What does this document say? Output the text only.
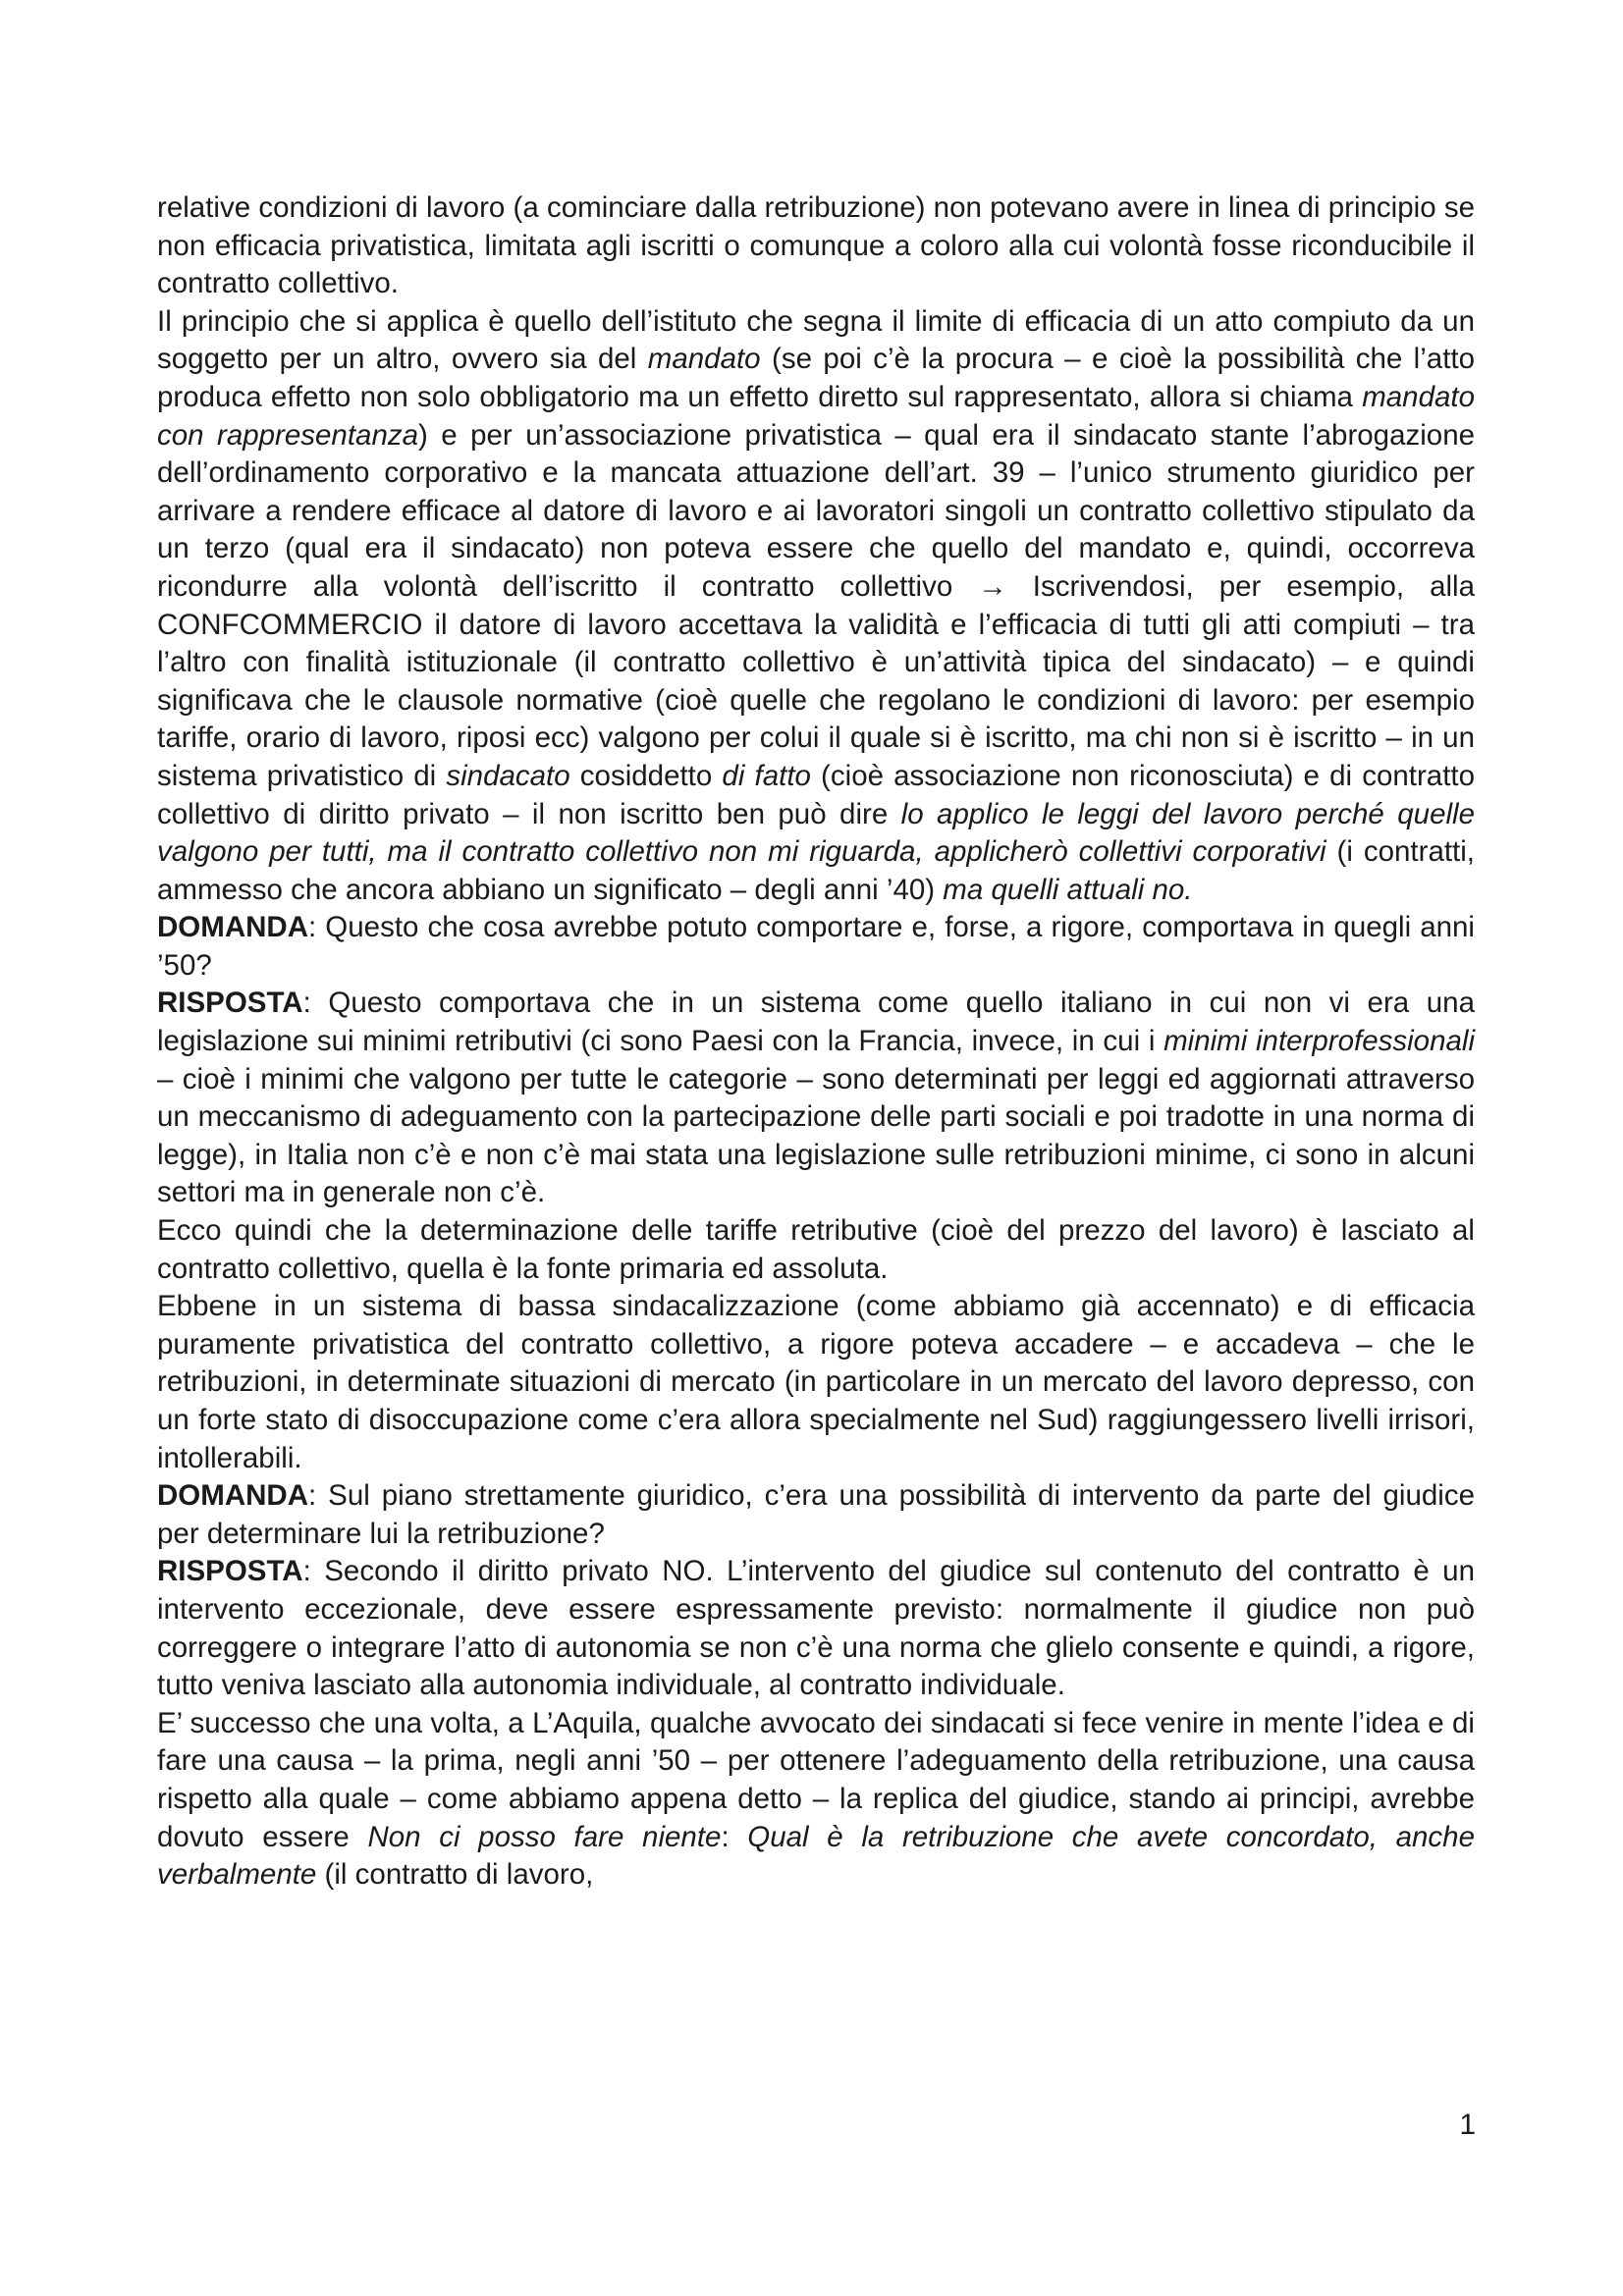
relative condizioni di lavoro (a cominciare dalla retribuzione) non potevano avere in linea di principio se non efficacia privatistica, limitata agli iscritti o comunque a coloro alla cui volontà fosse riconducibile il contratto collettivo.

Il principio che si applica è quello dell’istituto che segna il limite di efficacia di un atto compiuto da un soggetto per un altro, ovvero sia del mandato (se poi c’è la procura – e cioè la possibilità che l’atto produca effetto non solo obbligatorio ma un effetto diretto sul rappresentato, allora si chiama mandato con rappresentanza) e per un’associazione privatistica – qual era il sindacato stante l’abrogazione dell’ordinamento corporativo e la mancata attuazione dell’art. 39 – l’unico strumento giuridico per arrivare a rendere efficace al datore di lavoro e ai lavoratori singoli un contratto collettivo stipulato da un terzo (qual era il sindacato) non poteva essere che quello del mandato e, quindi, occorreva ricondurre alla volontà dell’iscritto il contratto collettivo → Iscrivendosi, per esempio, alla CONFCOMMERCIO il datore di lavoro accettava la validità e l’efficacia di tutti gli atti compiuti – tra l’altro con finalità istituzionale (il contratto collettivo è un’attività tipica del sindacato) – e quindi significava che le clausole normative (cioè quelle che regolano le condizioni di lavoro: per esempio tariffe, orario di lavoro, riposi ecc) valgono per colui il quale si è iscritto, ma chi non si è iscritto – in un sistema privatistico di sindacato cosiddetto di fatto (cioè associazione non riconosciuta) e di contratto collettivo di diritto privato – il non iscritto ben può dire lo applico le leggi del lavoro perché quelle valgono per tutti, ma il contratto collettivo non mi riguarda, applicherò collettivi corporativi (i contratti, ammesso che ancora abbiano un significato – degli anni ’40) ma quelli attuali no.

DOMANDA: Questo che cosa avrebbe potuto comportare e, forse, a rigore, comportava in quegli anni ’50?

RISPOSTA: Questo comportava che in un sistema come quello italiano in cui non vi era una legislazione sui minimi retributivi (ci sono Paesi con la Francia, invece, in cui i minimi interprofessionali – cioè i minimi che valgono per tutte le categorie – sono determinati per leggi ed aggiornati attraverso un meccanismo di adeguamento con la partecipazione delle parti sociali e poi tradotte in una norma di legge), in Italia non c’è e non c’è mai stata una legislazione sulle retribuzioni minime, ci sono in alcuni settori ma in generale non c’è.

Ecco quindi che la determinazione delle tariffe retributive (cioè del prezzo del lavoro) è lasciato al contratto collettivo, quella è la fonte primaria ed assoluta.

Ebbene in un sistema di bassa sindacalizzazione (come abbiamo già accennato) e di efficacia puramente privatistica del contratto collettivo, a rigore poteva accadere – e accadeva – che le retribuzioni, in determinate situazioni di mercato (in particolare in un mercato del lavoro depresso, con un forte stato di disoccupazione come c’era allora specialmente nel Sud) raggiungessero livelli irrisori, intollerabili.

DOMANDA: Sul piano strettamente giuridico, c’era una possibilità di intervento da parte del giudice per determinare lui la retribuzione?

RISPOSTA: Secondo il diritto privato NO. L’intervento del giudice sul contenuto del contratto è un intervento eccezionale, deve essere espressamente previsto: normalmente il giudice non può correggere o integrare l’atto di autonomia se non c’è una norma che glielo consente e quindi, a rigore, tutto veniva lasciato alla autonomia individuale, al contratto individuale.

E’ successo che una volta, a L’Aquila, qualche avvocato dei sindacati si fece venire in mente l’idea e di fare una causa – la prima, negli anni ’50 – per ottenere l’adeguamento della retribuzione, una causa rispetto alla quale – come abbiamo appena detto – la replica del giudice, stando ai principi, avrebbe dovuto essere Non ci posso fare niente: Qual è la retribuzione che avete concordato, anche verbalmente (il contratto di lavoro,

1
